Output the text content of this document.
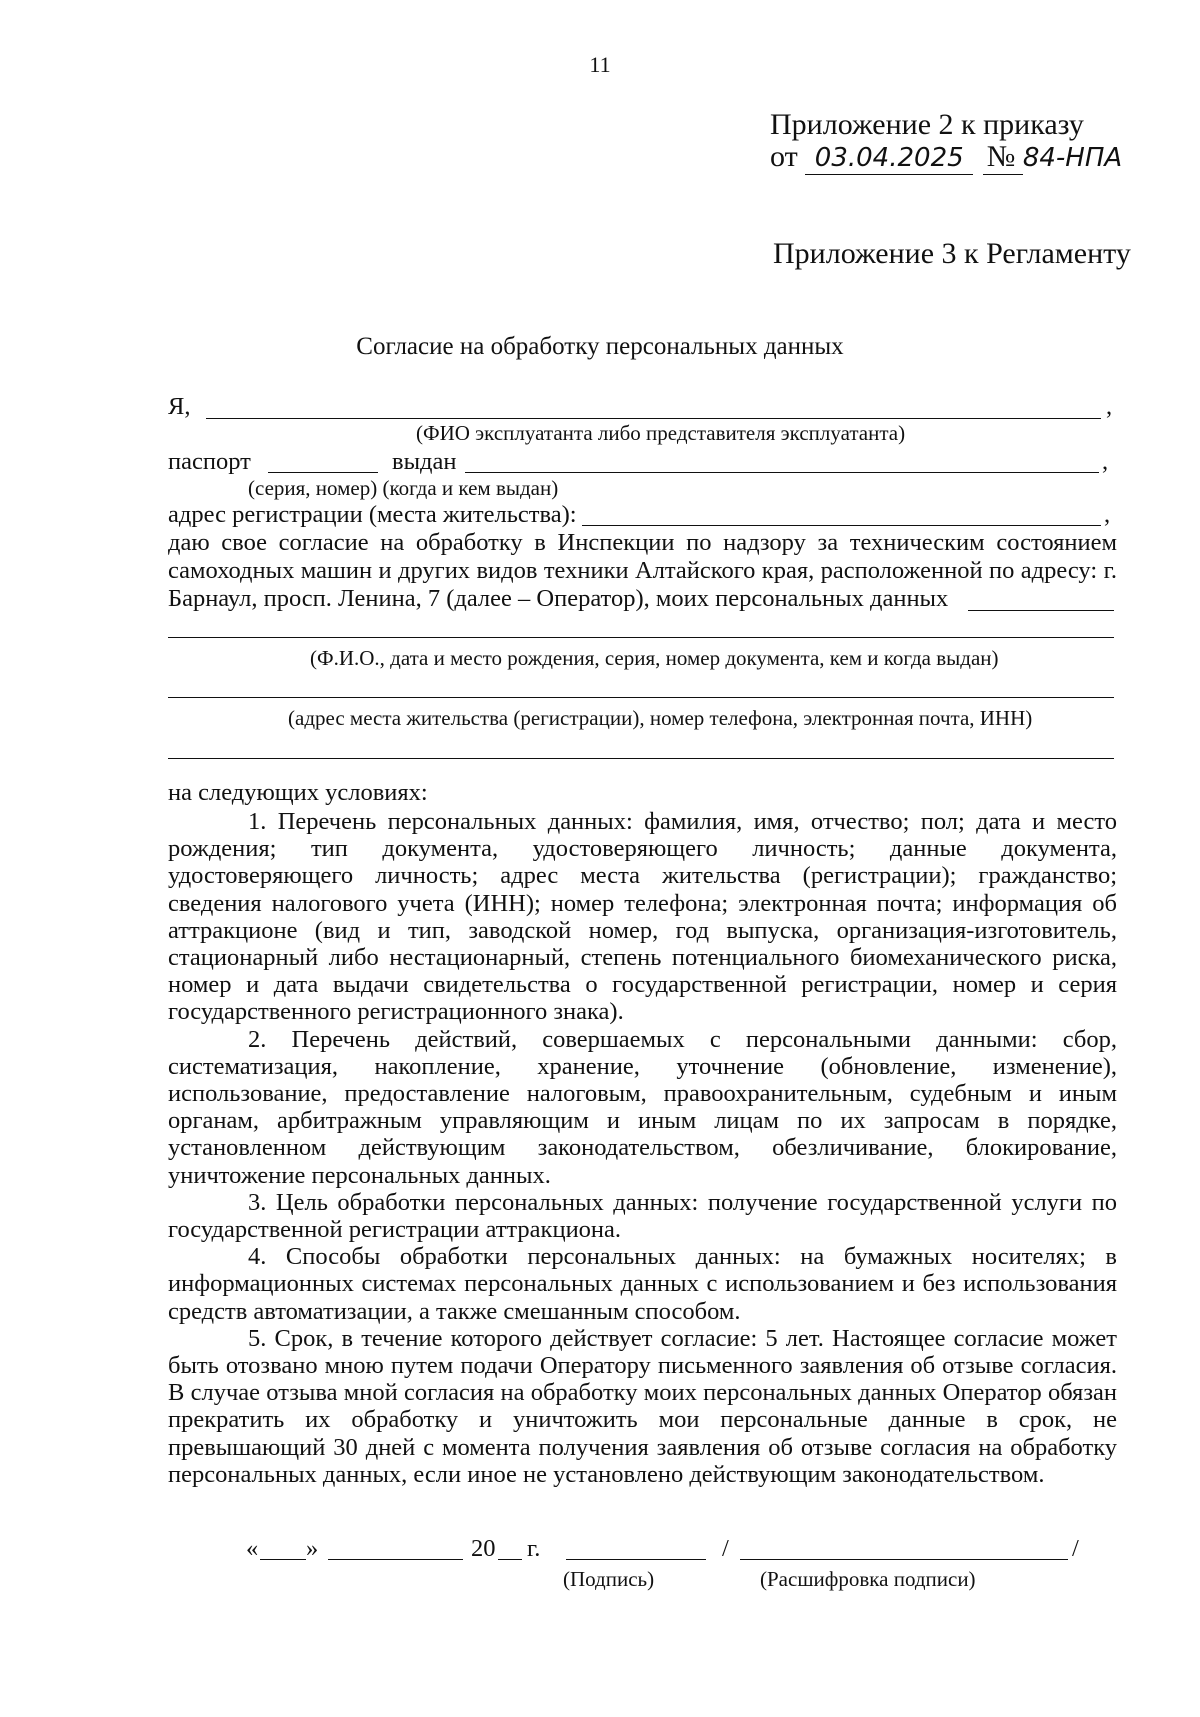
11
Приложение 2 к приказу
от 03.04.2025 № 84-НПА
Приложение 3 к Регламенту
Согласие на обработку персональных данных
Я,	,
(ФИО эксплуатанта либо представителя эксплуатанта)
паспорт	выдан	,
(серия, номер) (когда и кем выдан)
адрес регистрации (места жительства):	,
даю свое согласие на обработку в Инспекции по надзору за техническим состоянием
самоходных машин и других видов техники Алтайского края, расположенной по адресу: г.
Барнаул, просп. Ленина, 7 (далее – Оператор), моих персональных данных
(Ф.И.О., дата и место рождения, серия, номер документа, кем и когда выдан)
(адрес места жительства (регистрации), номер телефона, электронная почта, ИНН)
на следующих условиях:

1. Перечень персональных данных: фамилия, имя, отчество; пол; дата и место рождения; тип документа, удостоверяющего личность; данные документа, удостоверяющего личность; адрес места жительства (регистрации); гражданство; сведения налогового учета (ИНН); номер телефона; электронная почта; информация об аттракционе (вид и тип, заводской номер, год выпуска, организация-изготовитель, стационарный либо нестационарный, степень потенциального биомеханического риска, номер и дата выдачи свидетельства о государственной регистрации, номер и серия государственного регистрационного знака).

2. Перечень действий, совершаемых с персональными данными: сбор, систематизация, накопление, хранение, уточнение (обновление, изменение), использование, предоставление налоговым, правоохранительным, судебным и иным органам, арбитражным управляющим и иным лицам по их запросам в порядке, установленном действующим законодательством, обезличивание, блокирование, уничтожение персональных данных.

3. Цель обработки персональных данных: получение государственной услуги по государственной регистрации аттракциона.

4. Способы обработки персональных данных: на бумажных носителях; в информационных системах персональных данных с использованием и без использования средств автоматизации, а также смешанным способом.

5. Срок, в течение которого действует согласие: 5 лет. Настоящее согласие может быть отозвано мною путем подачи Оператору письменного заявления об отзыве согласия. В случае отзыва мной согласия на обработку моих персональных данных Оператор обязан прекратить их обработку и уничтожить мои персональные данные в срок, не превышающий 30 дней с момента получения заявления об отзыве согласия на обработку персональных данных, если иное не установлено действующим законодательством.

« »	20 г.	/	/
(Подпись)	(Расшифровка подписи)
